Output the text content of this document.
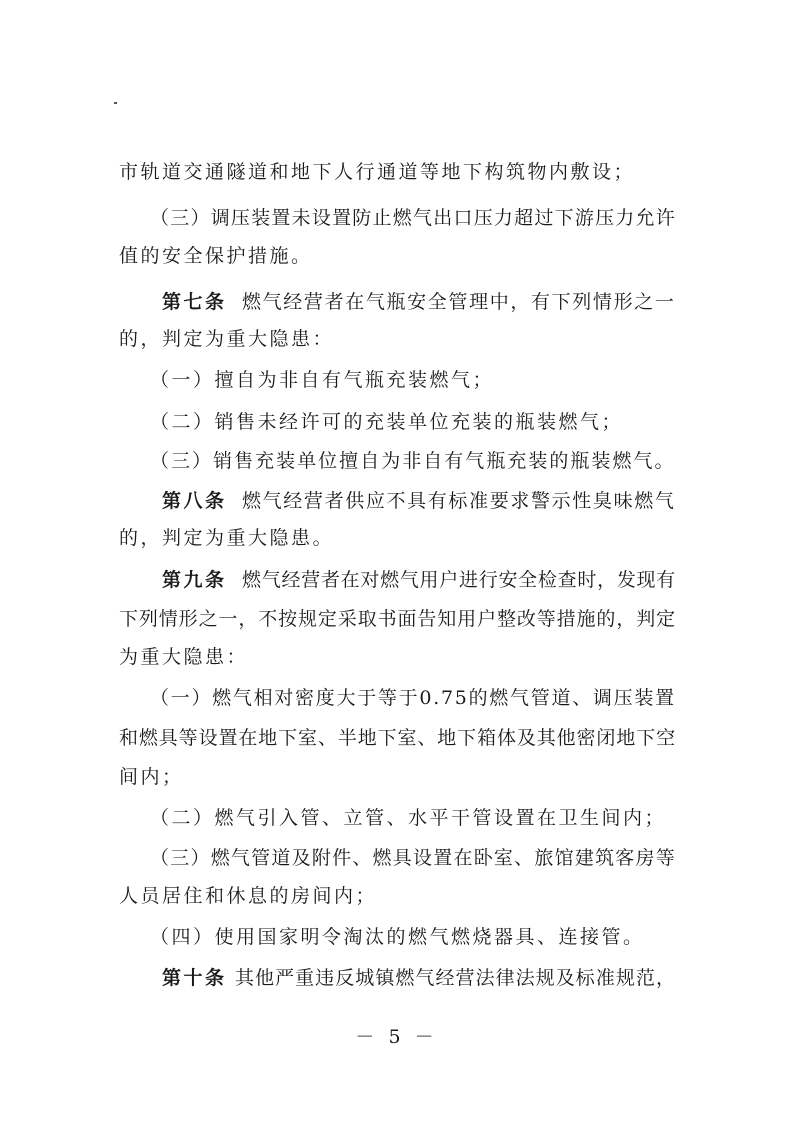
市轨道交通隧道和地下人行通道等地下构筑物内敷设；
（三）调压装置未设置防止燃气出口压力超过下游压力允许
值的安全保护措施。
第七条 燃气经营者在气瓶安全管理中，有下列情形之一
的，判定为重大隐患：
（一）擅自为非自有气瓶充装燃气；
（二）销售未经许可的充装单位充装的瓶装燃气；
（三）销售充装单位擅自为非自有气瓶充装的瓶装燃气。
第八条 燃气经营者供应不具有标准要求警示性臭味燃气
的，判定为重大隐患。
第九条 燃气经营者在对燃气用户进行安全检查时，发现有
下列情形之一，不按规定采取书面告知用户整改等措施的，判定
为重大隐患：
（一）燃气相对密度大于等于0.75的燃气管道、调压装置
和燃具等设置在地下室、半地下室、地下箱体及其他密闭地下空
间内；
（二）燃气引入管、立管、水平干管设置在卫生间内；
（三）燃气管道及附件、燃具设置在卧室、旅馆建筑客房等
人员居住和休息的房间内；
（四）使用国家明令淘汰的燃气燃烧器具、连接管。
第十条 其他严重违反城镇燃气经营法律法规及标准规范，
－ 5 －
